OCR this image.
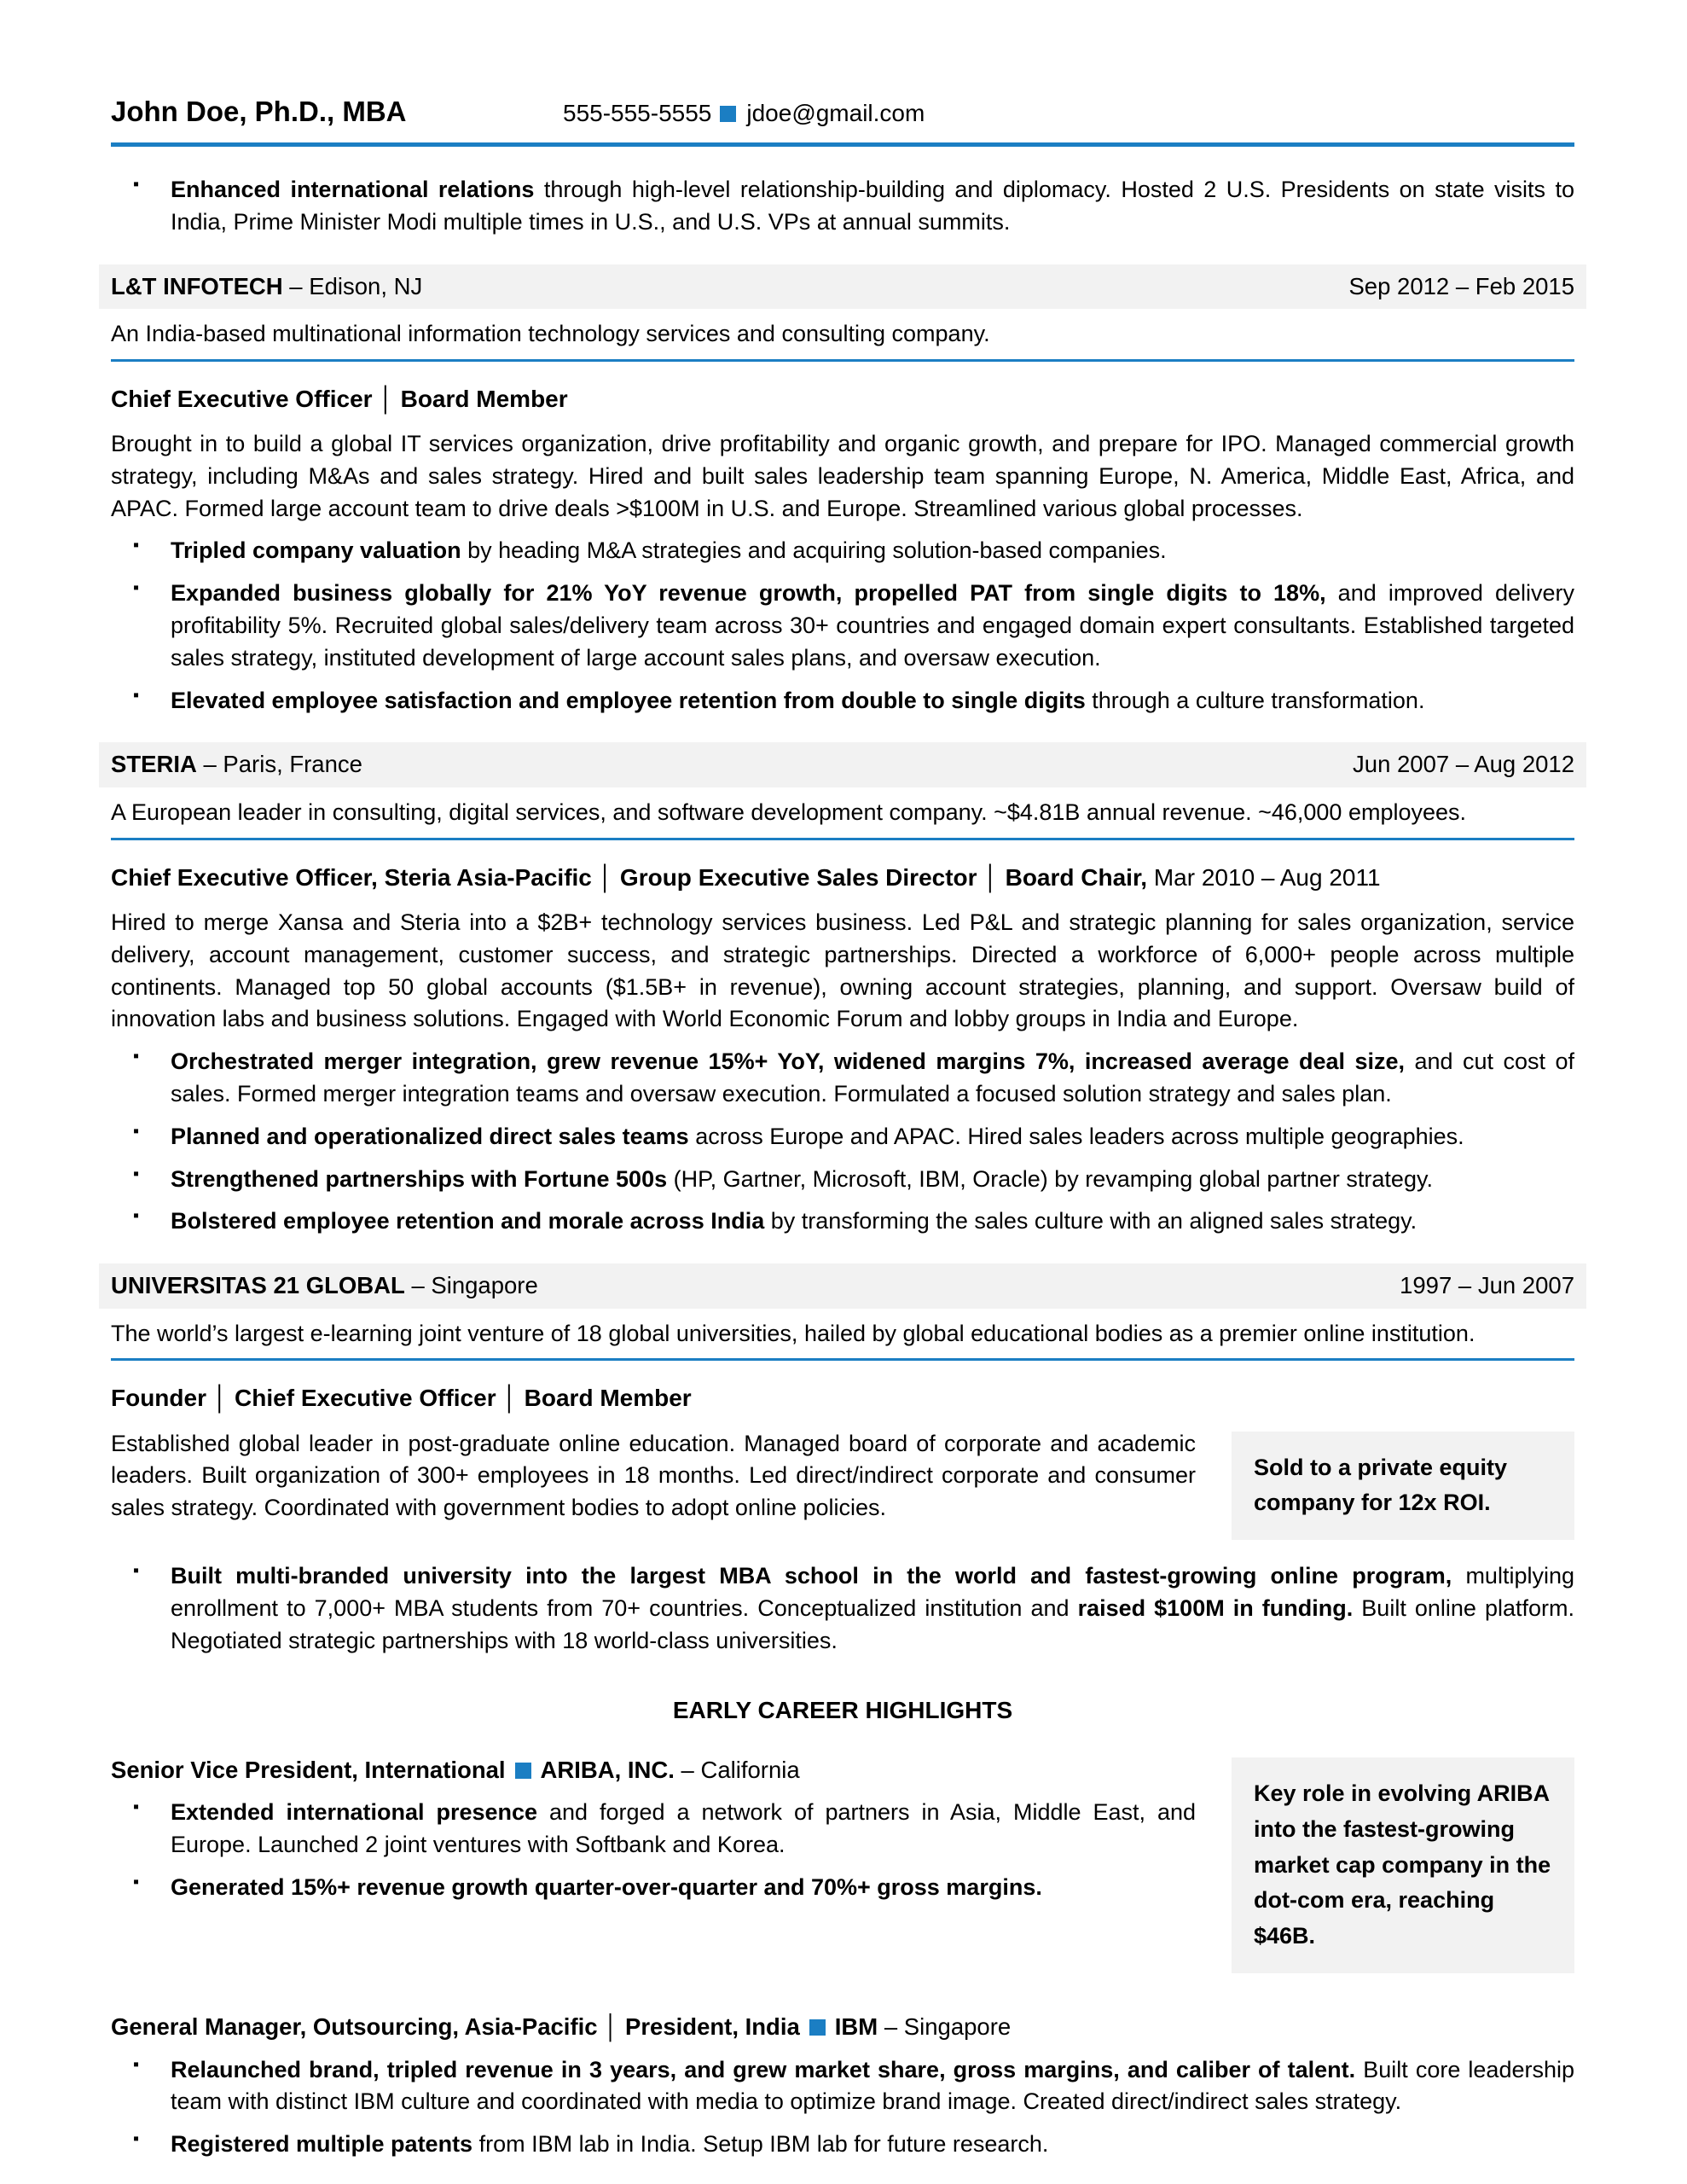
John Doe, Ph.D., MBA	555-555-5555 jdoe@gmail.com
▪ Enhanced international relations through high-level relationship-building and diplomacy. Hosted 2 U.S. Presidents on state visits to India, Prime Minister Modi multiple times in U.S., and U.S. VPs at annual summits.
L&T INFOTECH – Edison, NJ	Sep 2012 – Feb 2015
An India-based multinational information technology services and consulting company.
Chief Executive Officer │ Board Member
Brought in to build a global IT services organization, drive profitability and organic growth, and prepare for IPO. Managed commercial growth strategy, including M&As and sales strategy. Hired and built sales leadership team spanning Europe, N. America, Middle East, Africa, and APAC. Formed large account team to drive deals >$100M in U.S. and Europe. Streamlined various global processes.
▪ Tripled company valuation by heading M&A strategies and acquiring solution-based companies.
▪ Expanded business globally for 21% YoY revenue growth, propelled PAT from single digits to 18%, and improved delivery profitability 5%. Recruited global sales/delivery team across 30+ countries and engaged domain expert consultants. Established targeted sales strategy, instituted development of large account sales plans, and oversaw execution.
▪ Elevated employee satisfaction and employee retention from double to single digits through a culture transformation.
STERIA – Paris, France	Jun 2007 – Aug 2012
A European leader in consulting, digital services, and software development company. ~$4.81B annual revenue. ~46,000 employees.
Chief Executive Officer, Steria Asia-Pacific │ Group Executive Sales Director │ Board Chair, Mar 2010 – Aug 2011
Hired to merge Xansa and Steria into a $2B+ technology services business. Led P&L and strategic planning for sales organization, service delivery, account management, customer success, and strategic partnerships. Directed a workforce of 6,000+ people across multiple continents. Managed top 50 global accounts ($1.5B+ in revenue), owning account strategies, planning, and support. Oversaw build of innovation labs and business solutions. Engaged with World Economic Forum and lobby groups in India and Europe.
▪ Orchestrated merger integration, grew revenue 15%+ YoY, widened margins 7%, increased average deal size, and cut cost of sales. Formed merger integration teams and oversaw execution. Formulated a focused solution strategy and sales plan.
▪ Planned and operationalized direct sales teams across Europe and APAC. Hired sales leaders across multiple geographies.
▪ Strengthened partnerships with Fortune 500s (HP, Gartner, Microsoft, IBM, Oracle) by revamping global partner strategy.
▪ Bolstered employee retention and morale across India by transforming the sales culture with an aligned sales strategy.
UNIVERSITAS 21 GLOBAL – Singapore	1997 – Jun 2007
The world’s largest e-learning joint venture of 18 global universities, hailed by global educational bodies as a premier online institution.
Founder │ Chief Executive Officer │ Board Member
Sold to a private equity company for 12x ROI.
Established global leader in post-graduate online education. Managed board of corporate and academic leaders. Built organization of 300+ employees in 18 months. Led direct/indirect corporate and consumer sales strategy. Coordinated with government bodies to adopt online policies.
▪ Built multi-branded university into the largest MBA school in the world and fastest-growing online program, multiplying enrollment to 7,000+ MBA students from 70+ countries. Conceptualized institution and raised $100M in funding. Built online platform. Negotiated strategic partnerships with 18 world-class universities.
EARLY CAREER HIGHLIGHTS
Key role in evolving ARIBA into the fastest-growing market cap company in the dot-com era, reaching $46B.
Senior Vice President, International ARIBA, INC. – California
▪ Extended international presence and forged a network of partners in Asia, Middle East, and Europe. Launched 2 joint ventures with Softbank and Korea.
▪ Generated 15%+ revenue growth quarter-over-quarter and 70%+ gross margins.
General Manager, Outsourcing, Asia-Pacific │ President, India IBM – Singapore
▪ Relaunched brand, tripled revenue in 3 years, and grew market share, gross margins, and caliber of talent. Built core leadership team with distinct IBM culture and coordinated with media to optimize brand image. Created direct/indirect sales strategy.
▪ Registered multiple patents from IBM lab in India. Setup IBM lab for future research.
